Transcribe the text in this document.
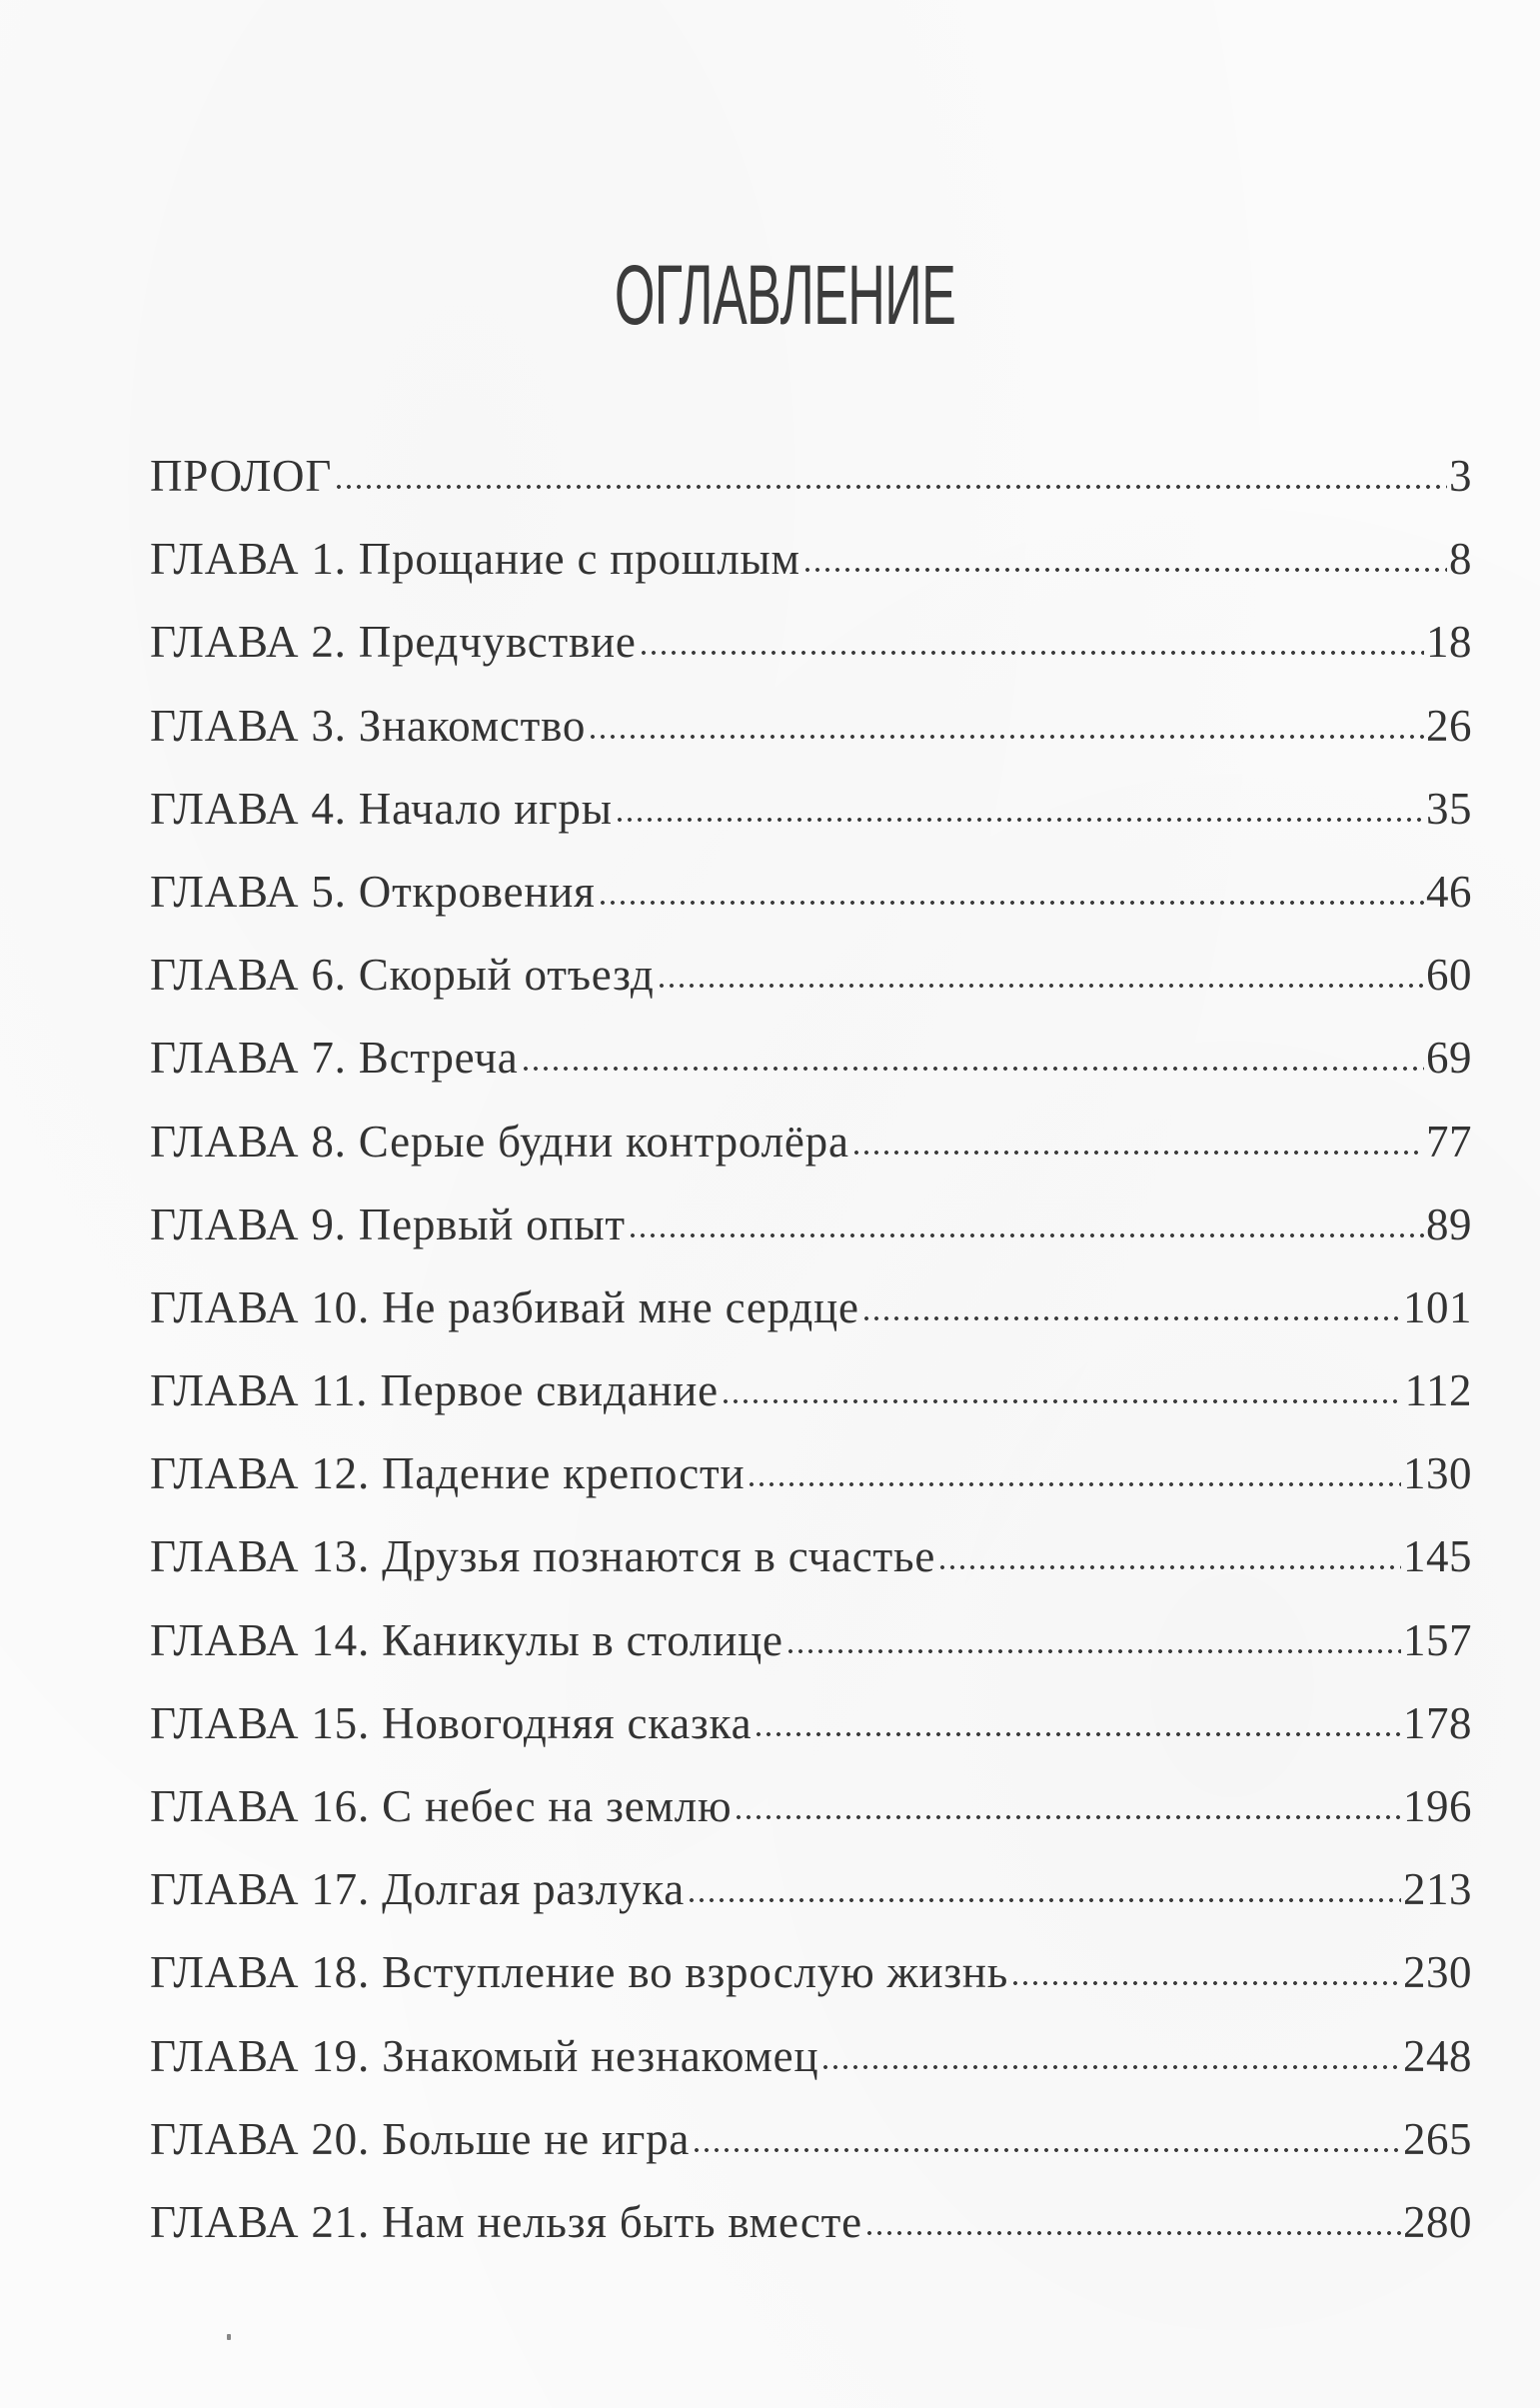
ОГЛАВЛЕНИЕ
ПРОЛОГ	3
ГЛАВА 1. Прощание с прошлым	8
ГЛАВА 2. Предчувствие	18
ГЛАВА 3. Знакомство	26
ГЛАВА 4. Начало игры	35
ГЛАВА 5. Откровения	46
ГЛАВА 6. Скорый отъезд	60
ГЛАВА 7. Встреча	69
ГЛАВА 8. Серые будни контролёра	77
ГЛАВА 9. Первый опыт	89
ГЛАВА 10. Не разбивай мне сердце	101
ГЛАВА 11. Первое свидание	112
ГЛАВА 12. Падение крепости	130
ГЛАВА 13. Друзья познаются в счастье	145
ГЛАВА 14. Каникулы в столице	157
ГЛАВА 15. Новогодняя сказка	178
ГЛАВА 16. С небес на землю	196
ГЛАВА 17. Долгая разлука	213
ГЛАВА 18. Вступление во взрослую жизнь	230
ГЛАВА 19. Знакомый незнакомец	248
ГЛАВА 20. Больше не игра	265
ГЛАВА 21. Нам нельзя быть вместе	280
